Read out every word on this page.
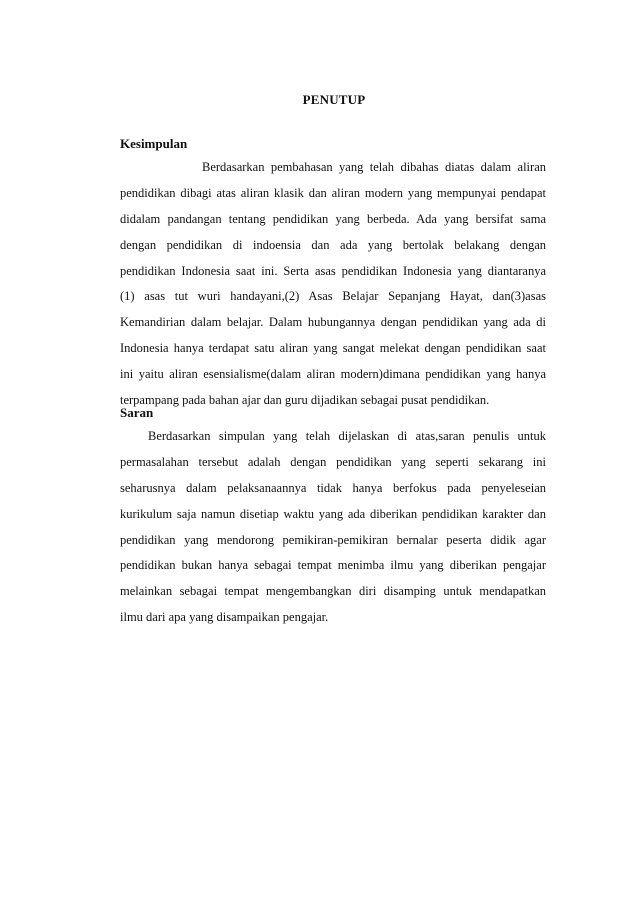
PENUTUP
Kesimpulan
Berdasarkan pembahasan yang telah dibahas diatas dalam aliran
pendidikan dibagi atas aliran klasik dan aliran modern yang mempunyai pendapat
didalam pandangan tentang pendidikan yang berbeda. Ada yang bersifat sama
dengan pendidikan di indoensia dan ada yang bertolak belakang dengan
pendidikan Indonesia saat ini. Serta asas pendidikan Indonesia yang diantaranya
(1) asas tut wuri handayani,(2) Asas Belajar Sepanjang Hayat, dan(3)asas
Kemandirian dalam belajar. Dalam hubungannya dengan pendidikan yang ada di
Indonesia hanya terdapat satu aliran yang sangat melekat dengan pendidikan saat
ini yaitu aliran esensialisme(dalam aliran modern)dimana pendidikan yang hanya
terpampang pada bahan ajar dan guru dijadikan sebagai pusat pendidikan.
Saran
Berdasarkan simpulan yang telah dijelaskan di atas,saran penulis untuk
permasalahan tersebut adalah dengan pendidikan yang seperti sekarang ini
seharusnya dalam pelaksanaannya tidak hanya berfokus pada penyeleseian
kurikulum saja namun disetiap waktu yang ada diberikan pendidikan karakter dan
pendidikan yang mendorong pemikiran-pemikiran bernalar peserta didik agar
pendidikan bukan hanya sebagai tempat menimba ilmu yang diberikan pengajar
melainkan sebagai tempat mengembangkan diri disamping untuk mendapatkan
ilmu dari apa yang disampaikan pengajar.
